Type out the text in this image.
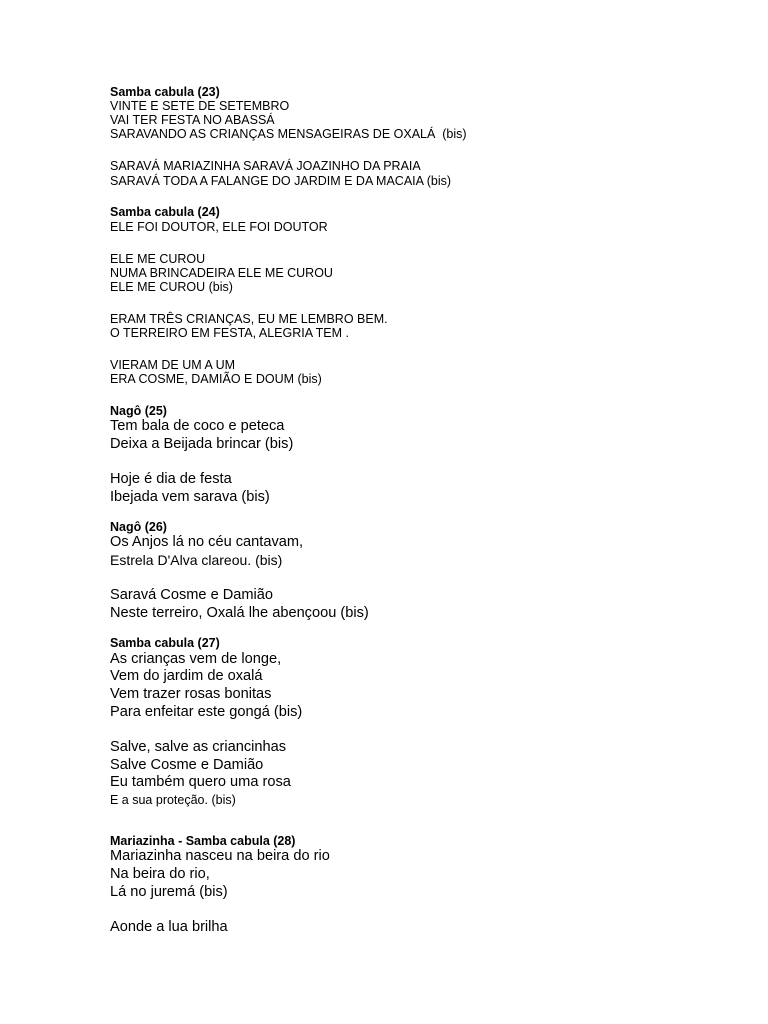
Samba cabula (23)
VINTE E SETE DE SETEMBRO
VAI TER FESTA NO ABASSÁ
SARAVANDO AS CRIANÇAS MENSAGEIRAS DE OXALÁ  (bis)
SARAVÁ MARIAZINHA SARAVÁ JOAZINHO DA PRAIA
SARAVÁ TODA A FALANGE DO JARDIM E DA MACAIA (bis)
Samba cabula (24)
ELE FOI DOUTOR, ELE FOI DOUTOR
ELE ME CUROU
NUMA BRINCADEIRA ELE ME CUROU
ELE ME CUROU (bis)
ERAM TRÊS CRIANÇAS, EU ME LEMBRO BEM.
O TERREIRO EM FESTA, ALEGRIA TEM .
VIERAM DE UM A UM
ERA COSME, DAMIÃO E DOUM (bis)
Nagô (25)
Tem bala de coco e peteca
Deixa a Beijada brincar (bis)
Hoje é dia de festa
Ibejada vem sarava (bis)
Nagô (26)
Os Anjos lá no céu cantavam,
Estrela D'Alva clareou. (bis)
Saravá Cosme e Damião
Neste terreiro, Oxalá lhe abençoou (bis)
Samba cabula (27)
As crianças vem de longe,
Vem do jardim de oxalá
Vem trazer rosas bonitas
Para enfeitar este gongá (bis)
Salve, salve as criancinhas
Salve Cosme e Damião
Eu também quero uma rosa
E a sua proteção. (bis)
Mariazinha - Samba cabula (28)
Mariazinha nasceu na beira do rio
Na beira do rio,
Lá no juremá (bis)
Aonde a lua brilha
